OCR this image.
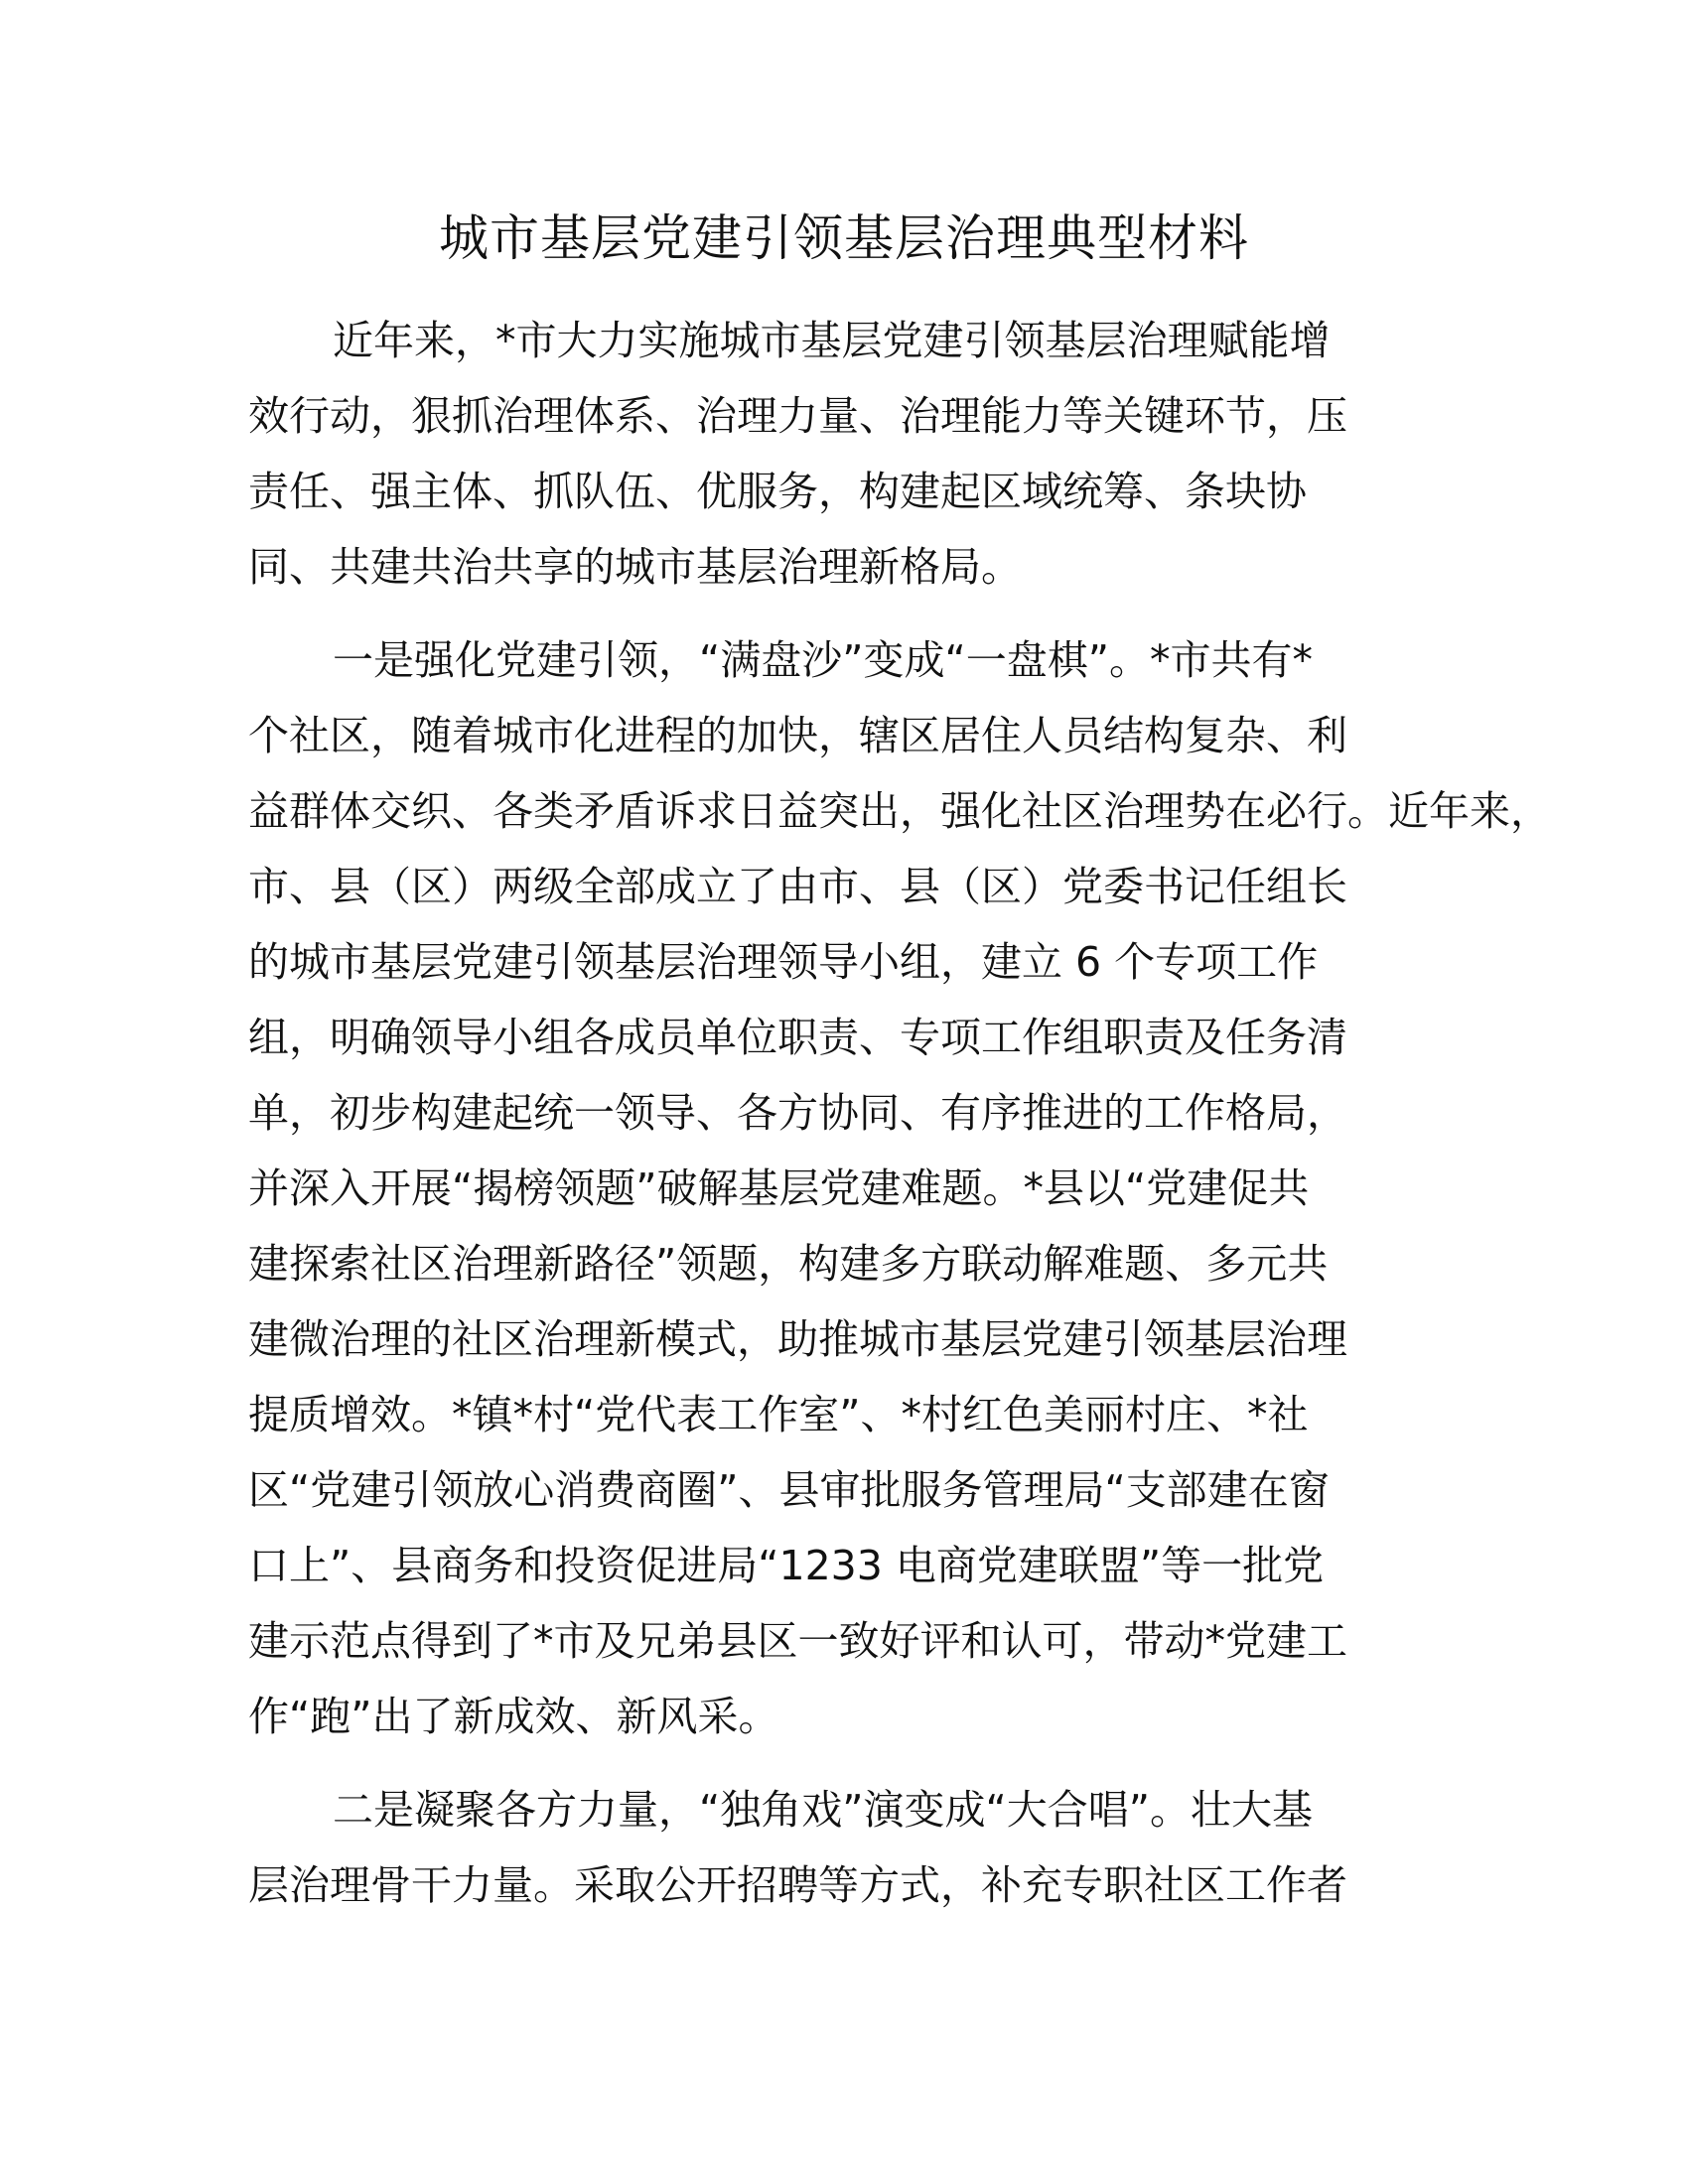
城市基层党建引领基层治理典型材料

近年来，*市大力实施城市基层党建引领基层治理赋能增

效行动，狠抓治理体系、治理力量、治理能力等关键环节，压

责任、强主体、抓队伍、优服务，构建起区域统筹、条块协

同、共建共治共享的城市基层治理新格局。

一是强化党建引领，“满盘沙”变成“一盘棋”。*市共有*

个社区，随着城市化进程的加快，辖区居住人员结构复杂、利

益群体交织、各类矛盾诉求日益突出，强化社区治理势在必行。近年来，

市、县（区）两级全部成立了由市、县（区）党委书记任组长

的城市基层党建引领基层治理领导小组，建立 6 个专项工作

组，明确领导小组各成员单位职责、专项工作组职责及任务清

单，初步构建起统一领导、各方协同、有序推进的工作格局，

并深入开展“揭榜领题”破解基层党建难题。*县以“党建促共

建探索社区治理新路径”领题，构建多方联动解难题、多元共

建微治理的社区治理新模式，助推城市基层党建引领基层治理

提质增效。*镇*村“党代表工作室”、*村红色美丽村庄、*社

区“党建引领放心消费商圈”、县审批服务管理局“支部建在窗

口上”、县商务和投资促进局“1233 电商党建联盟”等一批党

建示范点得到了*市及兄弟县区一致好评和认可，带动*党建工

作“跑”出了新成效、新风采。

二是凝聚各方力量，“独角戏”演变成“大合唱”。壮大基

层治理骨干力量。采取公开招聘等方式，补充专职社区工作者
